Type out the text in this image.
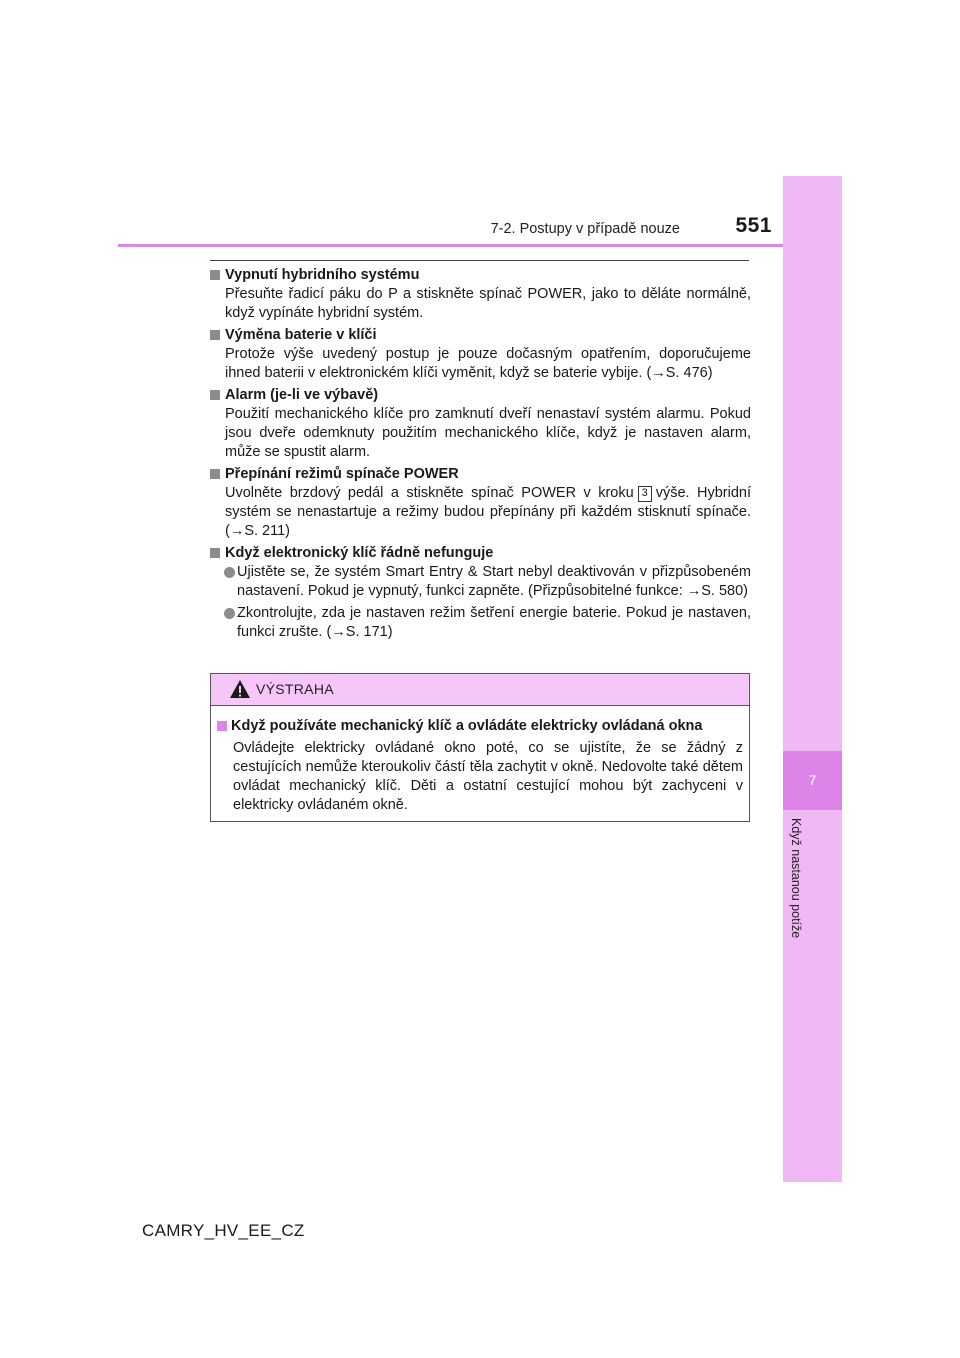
7-2. Postupy v případě nouze	551
7
Když nastanou potíže

Vypnutí hybridního systému

Přesuňte řadicí páku do P a stiskněte spínač POWER, jako to děláte normálně, když vypínáte hybridní systém.

Výměna baterie v klíči

Protože výše uvedený postup je pouze dočasným opatřením, doporučujeme ihned baterii v elektronickém klíči vyměnit, když se baterie vybije. (→S. 476)

Alarm (je-li ve výbavě)

Použití mechanického klíče pro zamknutí dveří nenastaví systém alarmu. Pokud jsou dveře odemknuty použitím mechanického klíče, když je nastaven alarm, může se spustit alarm.

Přepínání režimů spínače POWER

Uvolněte brzdový pedál a stiskněte spínač POWER v kroku 3 výše. Hybridní systém se nenastartuje a režimy budou přepínány při každém stisknutí spínače. (→S. 211)

Když elektronický klíč řádně nefunguje

Ujistěte se, že systém Smart Entry & Start nebyl deaktivován v přizpůsobeném nastavení. Pokud je vypnutý, funkci zapněte. (Přizpůsobitelné funkce: →S. 580)

Zkontrolujte, zda je nastaven režim šetření energie baterie. Pokud je nastaven, funkci zrušte. (→S. 171)

VÝSTRAHA

Když používáte mechanický klíč a ovládáte elektricky ovládaná okna

Ovládejte elektricky ovládané okno poté, co se ujistíte, že se žádný z cestujících nemůže kteroukoliv částí těla zachytit v okně. Nedovolte také dětem ovládat mechanický klíč. Děti a ostatní cestující mohou být zachyceni v elektricky ovládaném okně.

CAMRY_HV_EE_CZ
